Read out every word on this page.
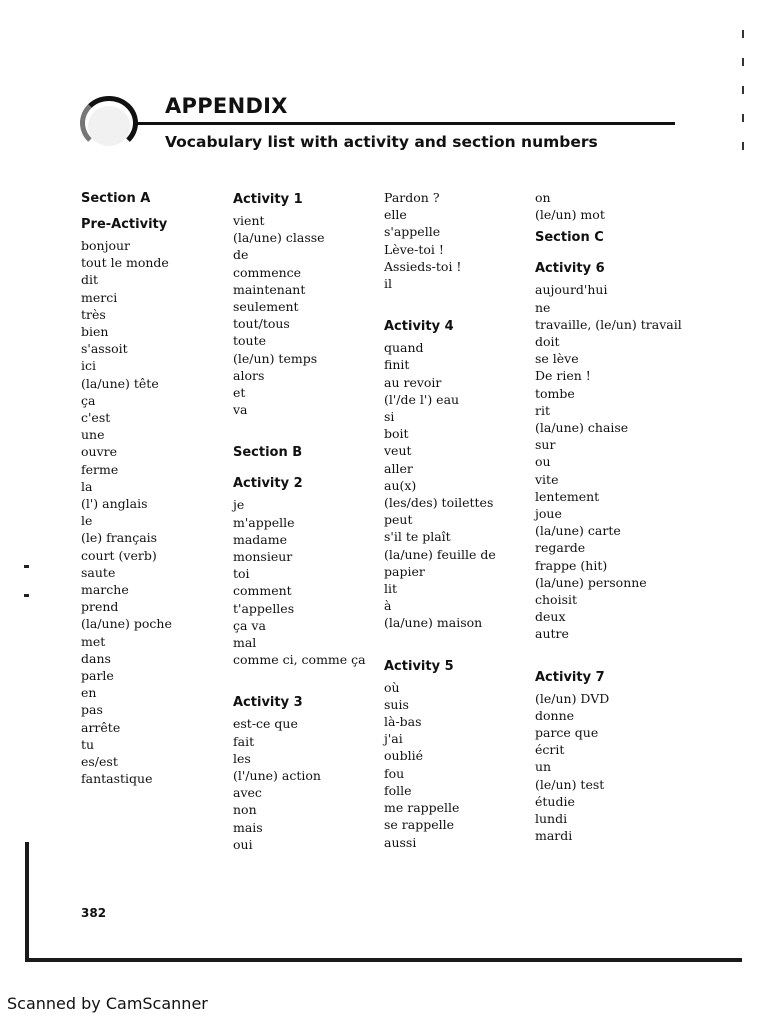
APPENDIX
Vocabulary list with activity and section numbers
Section A
Pre-Activity
bonjour
tout le monde
dit
merci
très
bien
s'assoit
ici
(la/une) tête
ça
c'est
une
ouvre
ferme
la
(l') anglais
le
(le) français
court (verb)
saute
marche
prend
(la/une) poche
met
dans
parle
en
pas
arrête
tu
es/est
fantastique
Activity 1
vient
(la/une) classe
de
commence
maintenant
seulement
tout/tous
toute
(le/un) temps
alors
et
va
Section B
Activity 2
je
m'appelle
madame
monsieur
toi
comment
t'appelles
ça va
mal
comme ci, comme ça
Activity 3
est-ce que
fait
les
(l'/une) action
avec
non
mais
oui
Pardon ?
elle
s'appelle
Lève-toi !
Assieds-toi !
il
Activity 4
quand
finit
au revoir
(l'/de l') eau
si
boit
veut
aller
au(x)
(les/des) toilettes
peut
s'il te plaît
(la/une) feuille de
papier
lit
à
(la/une) maison
Activity 5
où
suis
là-bas
j'ai
oublié
fou
folle
me rappelle
se rappelle
aussi
on
(le/un) mot
Section C
Activity 6
aujourd'hui
ne
travaille, (le/un) travail
doit
se lève
De rien !
tombe
rit
(la/une) chaise
sur
ou
vite
lentement
joue
(la/une) carte
regarde
frappe (hit)
(la/une) personne
choisit
deux
autre
Activity 7
(le/un) DVD
donne
parce que
écrit
un
(le/un) test
étudie
lundi
mardi
382
Scanned by CamScanner
